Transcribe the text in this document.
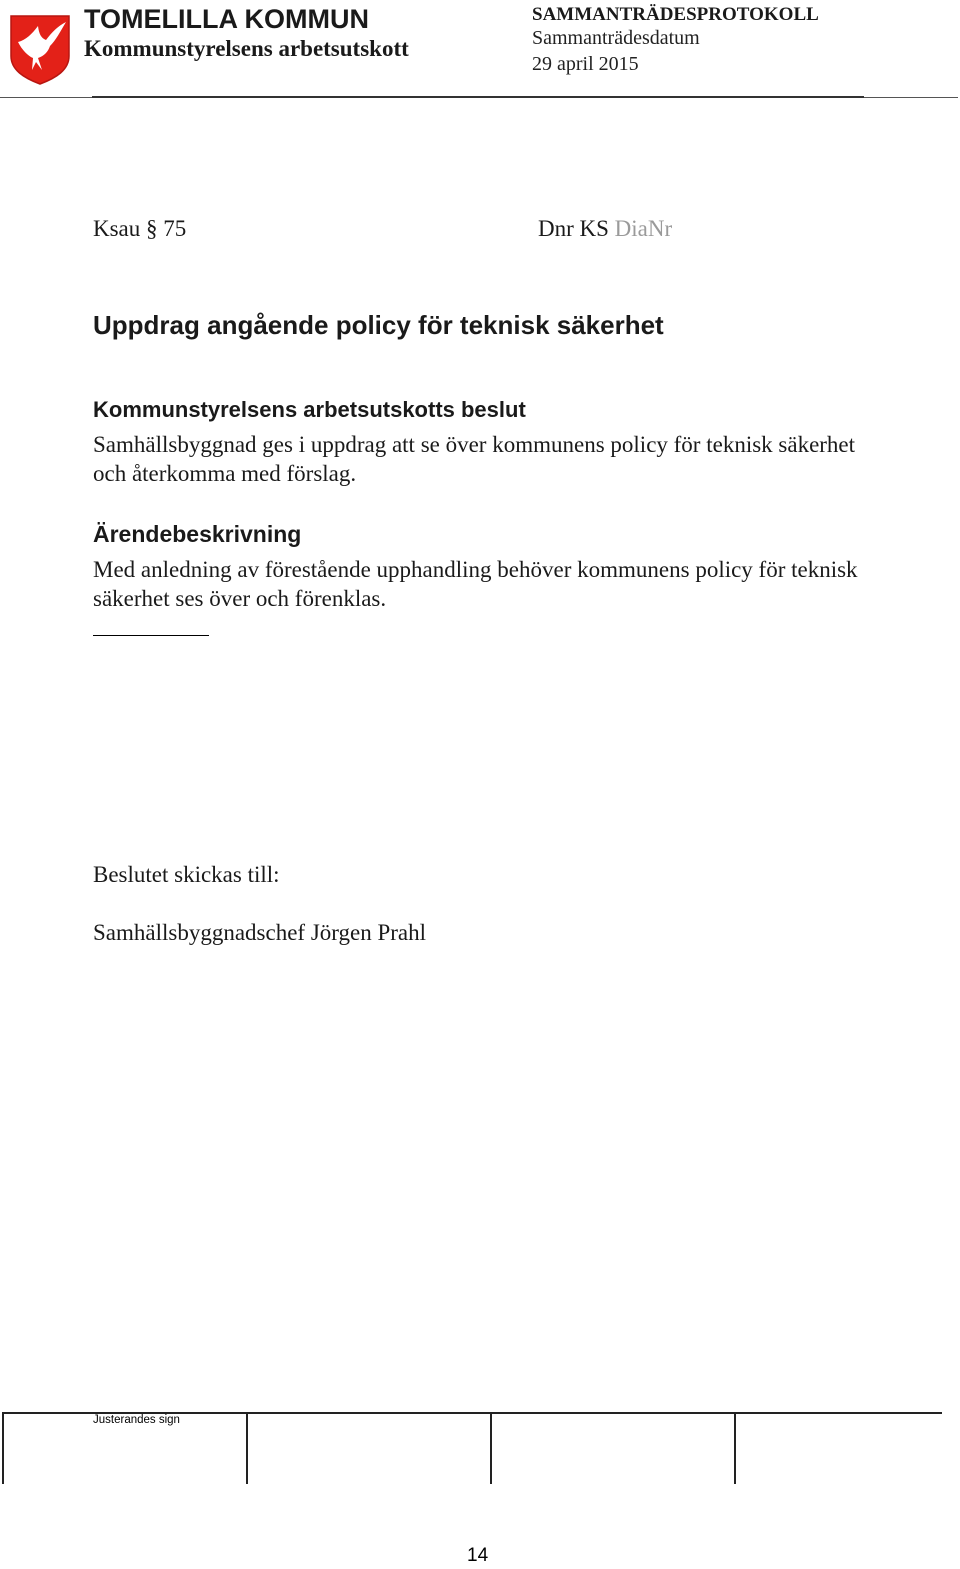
TOMELILLA KOMMUN
Kommunstyrelsens arbetsutskott
SAMMANTRÄDESPROTOKOLL
Sammanträdesdatum
29 april 2015
Ksau § 75	Dnr KS DiaNr
Uppdrag angående policy för teknisk säkerhet
Kommunstyrelsens arbetsutskotts beslut
Samhällsbyggnad ges i uppdrag att se över kommunens policy för teknisk säkerhet och återkomma med förslag.
Ärendebeskrivning
Med anledning av förestående upphandling behöver kommunens policy för teknisk säkerhet ses över och förenklas.
Beslutet skickas till:
Samhällsbyggnadschef Jörgen Prahl
Justerandes sign
14
